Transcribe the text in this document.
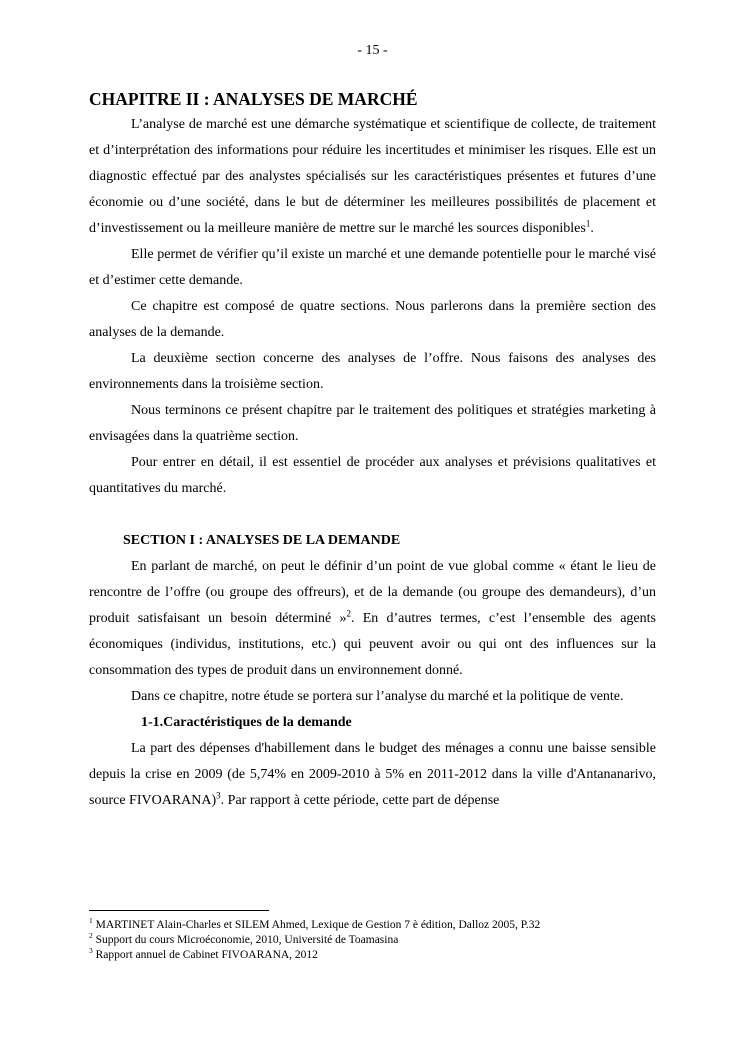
- 15 -
CHAPITRE II : ANALYSES DE MARCHÉ

L’analyse de marché est une démarche systématique et scientifique de collecte, de traitement et d’interprétation des informations pour réduire les incertitudes et minimiser les risques. Elle est un diagnostic effectué par des analystes spécialisés sur les caractéristiques présentes et futures d’une économie ou d’une société, dans le but de déterminer les meilleures possibilités de placement et d’investissement ou la meilleure manière de mettre sur le marché les sources disponibles$^1$.

Elle permet de vérifier qu’il existe un marché et une demande potentielle pour le marché visé et d’estimer cette demande.

Ce chapitre est composé de quatre sections. Nous parlerons dans la première section des analyses de la demande.

La deuxième section concerne des analyses de l’offre. Nous faisons des analyses des environnements dans la troisième section.

Nous terminons ce présent chapitre par le traitement des politiques et stratégies marketing à envisagées dans la quatrième section.

Pour entrer en détail, il est essentiel de procéder aux analyses et prévisions qualitatives et quantitatives du marché.

SECTION I : ANALYSES DE LA DEMANDE

En parlant de marché, on peut le définir d’un point de vue global comme « étant le lieu de rencontre de l’offre (ou groupe des offreurs), et de la demande (ou groupe des demandeurs), d’un produit satisfaisant un besoin déterminé »$^2$. En d’autres termes, c’est l’ensemble des agents économiques (individus, institutions, etc.) qui peuvent avoir ou qui ont des influences sur la consommation des types de produit dans un environnement donné.

Dans ce chapitre, notre étude se portera sur l’analyse du marché et la politique de vente.

1-1.Caractéristiques de la demande

La part des dépenses d'habillement dans le budget des ménages a connu une baisse sensible depuis la crise en 2009 (de 5,74% en 2009-2010 à 5% en 2011-2012 dans la ville d'Antananarivo, source FIVOARANA)$^3$. Par rapport à cette période, cette part de dépense

$^1$ MARTINET Alain-Charles et SILEM Ahmed, Lexique de Gestion 7 è édition, Dalloz 2005, P.32
$^2$ Support du cours Microéconomie, 2010, Université de Toamasina
$^3$ Rapport annuel de Cabinet FIVOARANA, 2012
